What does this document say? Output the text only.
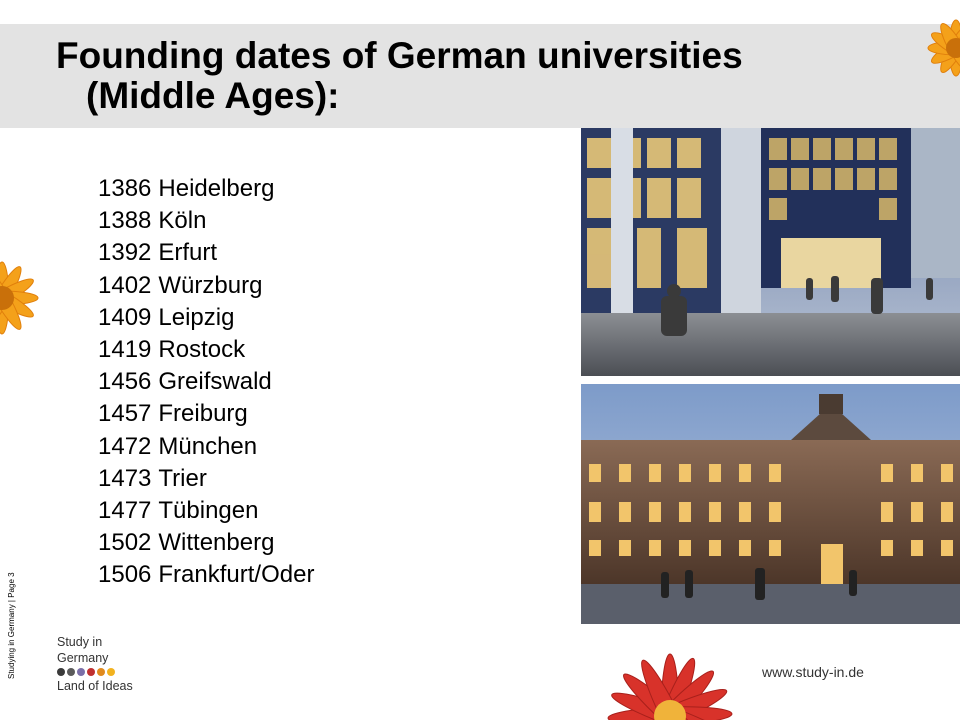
Founding dates of German universities
(Middle Ages):
1386 Heidelberg
1388 Köln
1392 Erfurt
1402 Würzburg
1409 Leipzig
1419 Rostock
1456 Greifswald
1457 Freiburg
1472 München
1473 Trier
1477 Tübingen
1502 Wittenberg
1506 Frankfurt/Oder
Studying in Germany | Page 3	Study in
Germany
Land of Ideas
www.study-in.de
